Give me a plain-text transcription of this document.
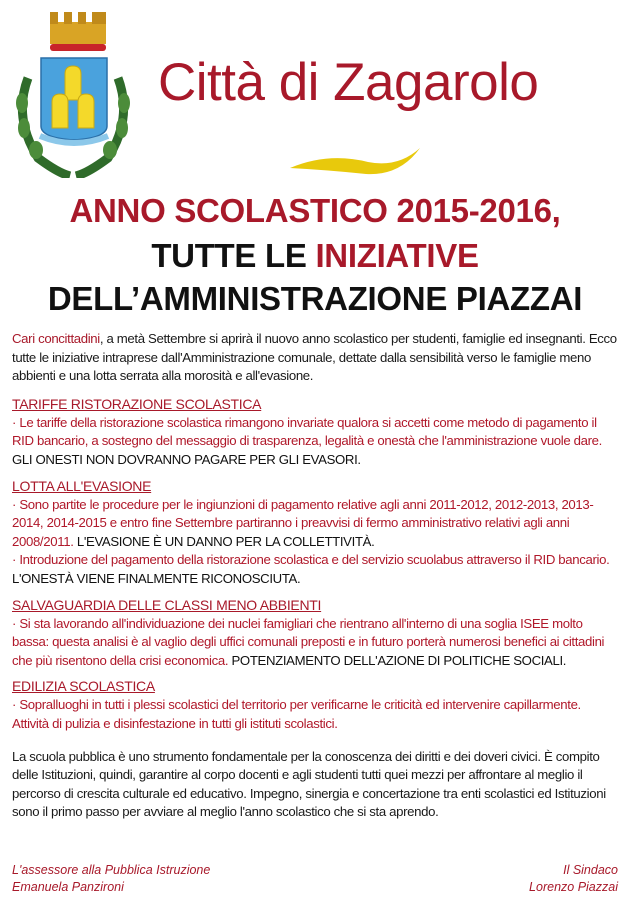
Città di Zagarolo
ANNO SCOLASTICO 2015-2016,
TUTTE LE INIZIATIVE
DELL’AMMINISTRAZIONE PIAZZAI

Cari concittadini, a metà Settembre si aprirà il nuovo anno scolastico per studenti, famiglie ed insegnanti. Ecco tutte le iniziative intraprese dall'Amministrazione comunale, dettate dalla sensibilità verso le famiglie meno abbienti e una lotta serrata alla morosità e all'evasione.

TARIFFE RISTORAZIONE SCOLASTICA

· Le tariffe della ristorazione scolastica rimangono invariate qualora si accetti come metodo di pagamento il RID bancario, a sostegno del messaggio di trasparenza, legalità e onestà che l'amministrazione vuole dare. GLI ONESTI NON DOVRANNO PAGARE PER GLI EVASORI.

LOTTA ALL'EVASIONE

· Sono partite le procedure per le ingiunzioni di pagamento relative agli anni 2011-2012, 2012-2013, 2013-2014, 2014-2015 e entro fine Settembre partiranno i preavvisi di fermo amministrativo relativi agli anni 2008/2011. L'EVASIONE È UN DANNO PER LA COLLETTIVITÀ.

· Introduzione del pagamento della ristorazione scolastica e del servizio scuolabus attraverso il RID bancario. L'ONESTÀ VIENE FINALMENTE RICONOSCIUTA.

SALVAGUARDIA DELLE CLASSI MENO ABBIENTI

· Si sta lavorando all'individuazione dei nuclei famigliari che rientrano all'interno di una soglia ISEE molto bassa: questa analisi è al vaglio degli uffici comunali preposti e in futuro porterà numerosi benefici ai cittadini che più risentono della crisi economica. POTENZIAMENTO DELL'AZIONE DI POLITICHE SOCIALI.

EDILIZIA SCOLASTICA

· Sopralluoghi in tutti i plessi scolastici del territorio per verificarne le criticità ed intervenire capillarmente. Attività di pulizia e disinfestazione in tutti gli istituti scolastici.

La scuola pubblica è uno strumento fondamentale per la conoscenza dei diritti e dei doveri civici. È compito delle Istituzioni, quindi, garantire al corpo docenti e agli studenti tutti quei mezzi per affrontare al meglio il percorso di crescita culturale ed educativo. Impegno, sinergia e concertazione tra enti scolastici ed Istituzioni sono il primo passo per avviare al meglio l'anno scolastico che si sta aprendo.

L'assessore alla Pubblica Istruzione
Emanuela Panzironi
Il Sindaco
Lorenzo Piazzai
